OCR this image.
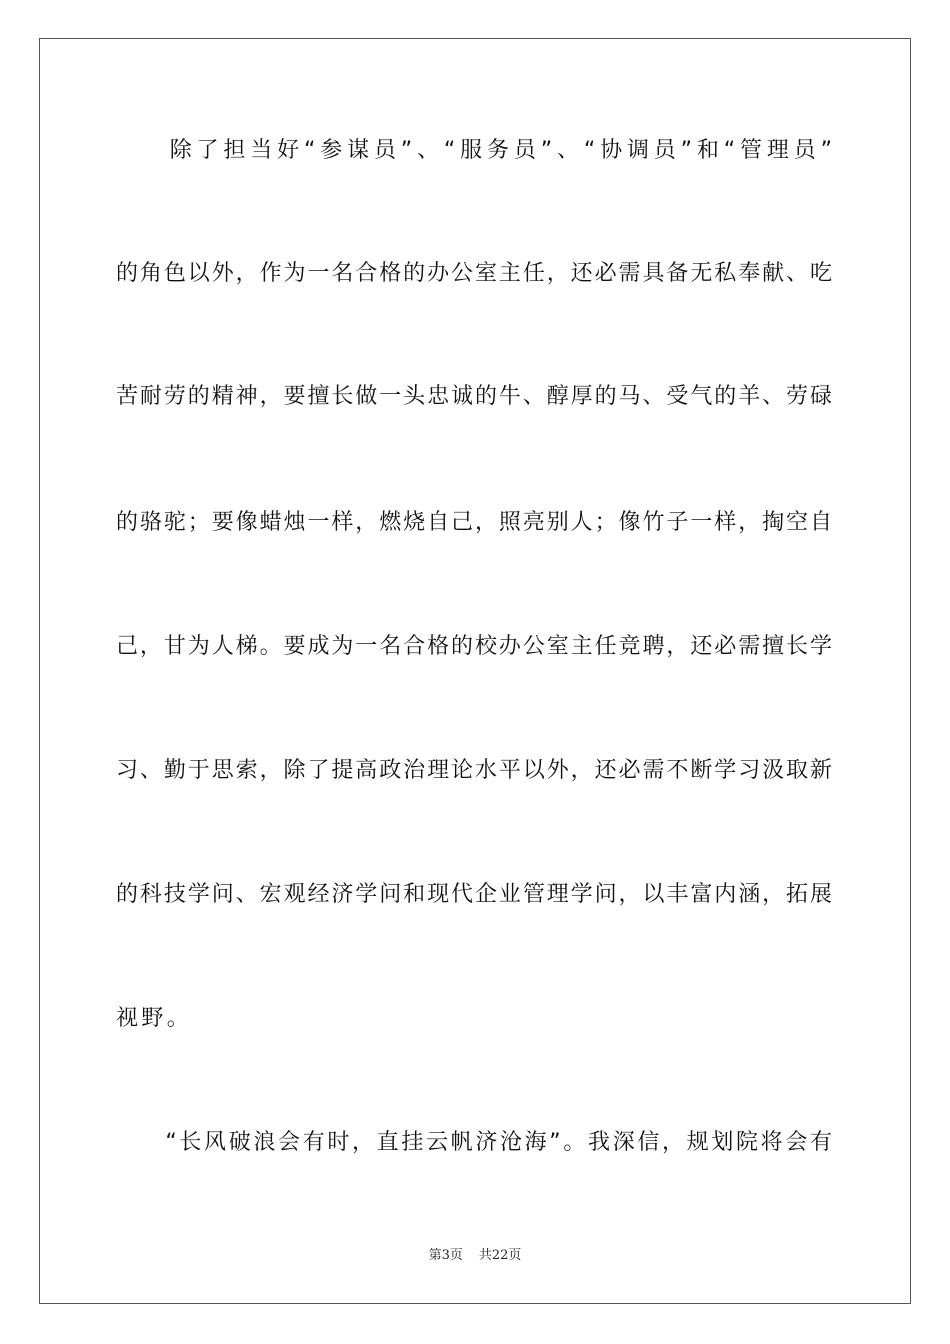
　　除了担当好“参谋员”、“服务员”、“协调员”和“管理员”
的角色以外，作为一名合格的办公室主任，还必需具备无私奉献、吃
苦耐劳的精神，要擅长做一头忠诚的牛、醇厚的马、受气的羊、劳碌
的骆驼；要像蜡烛一样，燃烧自己，照亮别人；像竹子一样，掏空自
己，甘为人梯。要成为一名合格的校办公室主任竞聘，还必需擅长学
习、勤于思索，除了提高政治理论水平以外，还必需不断学习汲取新
的科技学问、宏观经济学问和现代企业管理学问，以丰富内涵，拓展
视野。
　　“长风破浪会有时，直挂云帆济沧海”。我深信，规划院将会有
第3页 共22页
